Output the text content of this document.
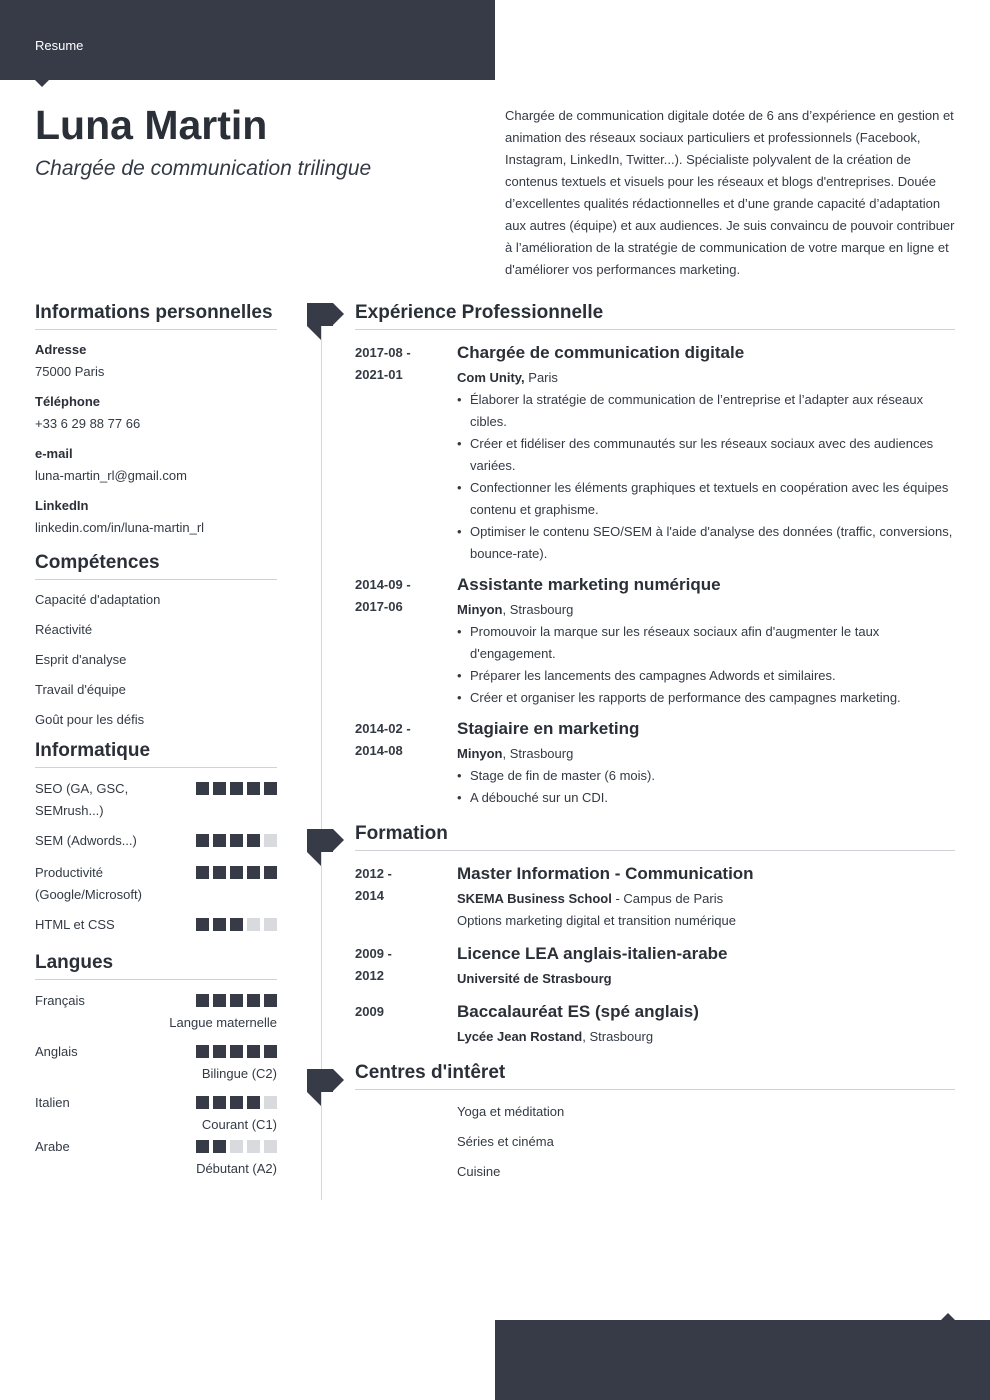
Resume
Luna Martin
Chargée de communication trilingue
Chargée de communication digitale dotée de 6 ans d’expérience en gestion et animation des réseaux sociaux particuliers et professionnels (Facebook, Instagram, LinkedIn, Twitter...). Spécialiste polyvalent de la création de contenus textuels et visuels pour les réseaux et blogs d'entreprises. Douée d’excellentes qualités rédactionnelles et d’une grande capacité d’adaptation aux autres (équipe) et aux audiences. Je suis convaincu de pouvoir contribuer à l’amélioration de la stratégie de communication de votre marque en ligne et d'améliorer vos performances marketing.
Informations personnelles
Adresse
75000 Paris
Téléphone
+33 6 29 88 77 66
e-mail
luna-martin_rl@gmail.com
LinkedIn
linkedin.com/in/luna-martin_rl
Compétences
Capacité d'adaptation
Réactivité
Esprit d'analyse
Travail d'équipe
Goût pour les défis
Informatique
SEO (GA, GSC, SEMrush...)
SEM (Adwords...)
Productivité (Google/Microsoft)
HTML et CSS
Langues
Français
Langue maternelle
Anglais
Bilingue (C2)
Italien
Courant (C1)
Arabe
Débutant (A2)
Expérience Professionnelle
2017-08 -
2021-01
Chargée de communication digitale
Com Unity, Paris
• Élaborer la stratégie de communication de l’entreprise et l’adapter aux réseaux cibles.
• Créer et fidéliser des communautés sur les réseaux sociaux avec des audiences variées.
• Confectionner les éléments graphiques et textuels en coopération avec les équipes contenu et graphisme.
• Optimiser le contenu SEO/SEM à l'aide d'analyse des données (traffic, conversions, bounce-rate).
2014-09 -
2017-06
Assistante marketing numérique
Minyon, Strasbourg
• Promouvoir la marque sur les réseaux sociaux afin d'augmenter le taux d'engagement.
• Préparer les lancements des campagnes Adwords et similaires.
• Créer et organiser les rapports de performance des campagnes marketing.
2014-02 -
2014-08
Stagiaire en marketing
Minyon, Strasbourg
• Stage de fin de master (6 mois).
• A débouché sur un CDI.
Formation
2012 -
2014
Master Information - Communication
SKEMA Business School - Campus de Paris
Options marketing digital et transition numérique
2009 -
2012
Licence LEA anglais-italien-arabe
Université de Strasbourg
2009	Baccalauréat ES (spé anglais)
Lycée Jean Rostand, Strasbourg
Centres d'intêret
Yoga et méditation
Séries et cinéma
Cuisine
